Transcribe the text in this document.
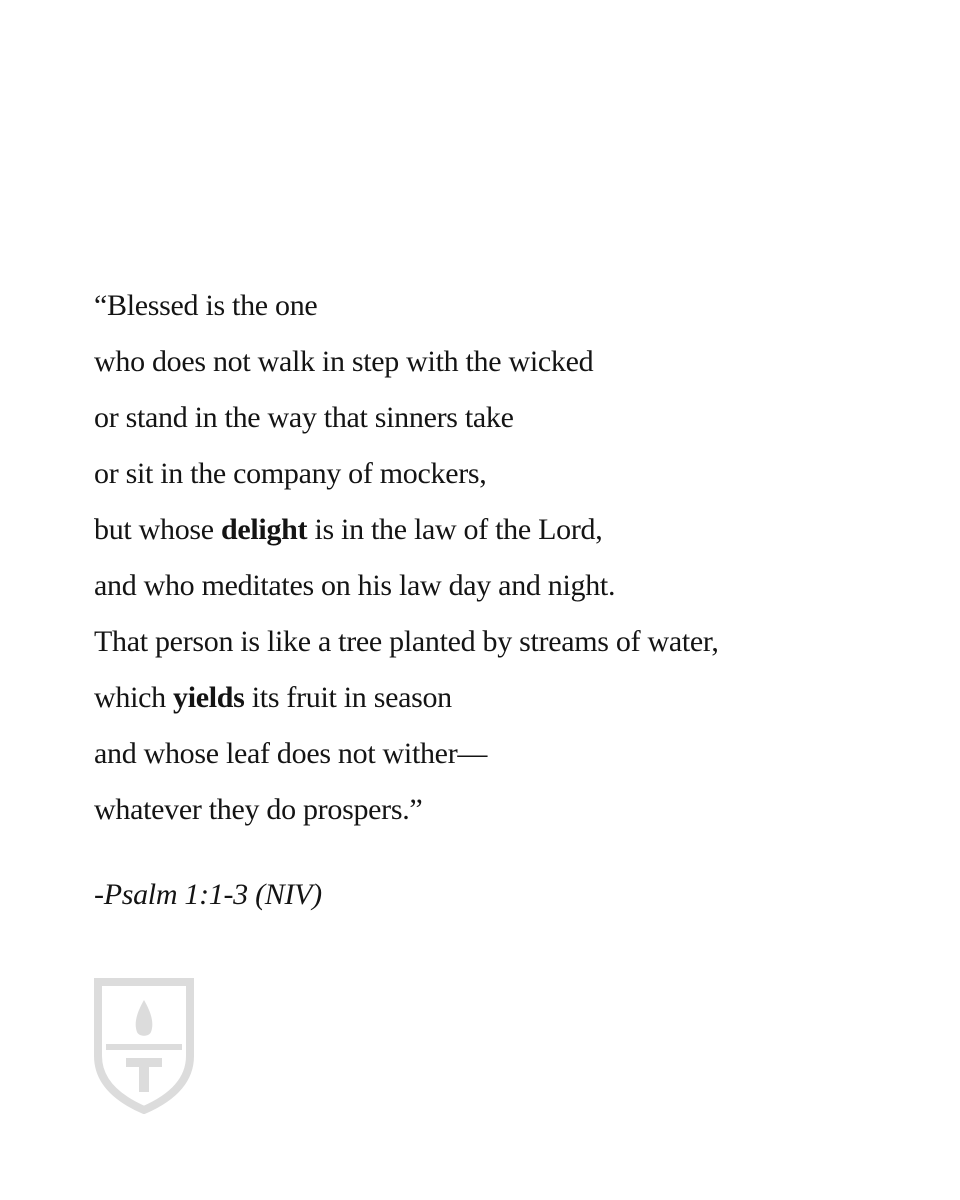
“Blessed is the one
who does not walk in step with the wicked
or stand in the way that sinners take
or sit in the company of mockers,
but whose delight is in the law of the Lord,
and who meditates on his law day and night.
That person is like a tree planted by streams of water,
which yields its fruit in season
and whose leaf does not wither—
whatever they do prospers.”
-Psalm 1:1-3 (NIV)
